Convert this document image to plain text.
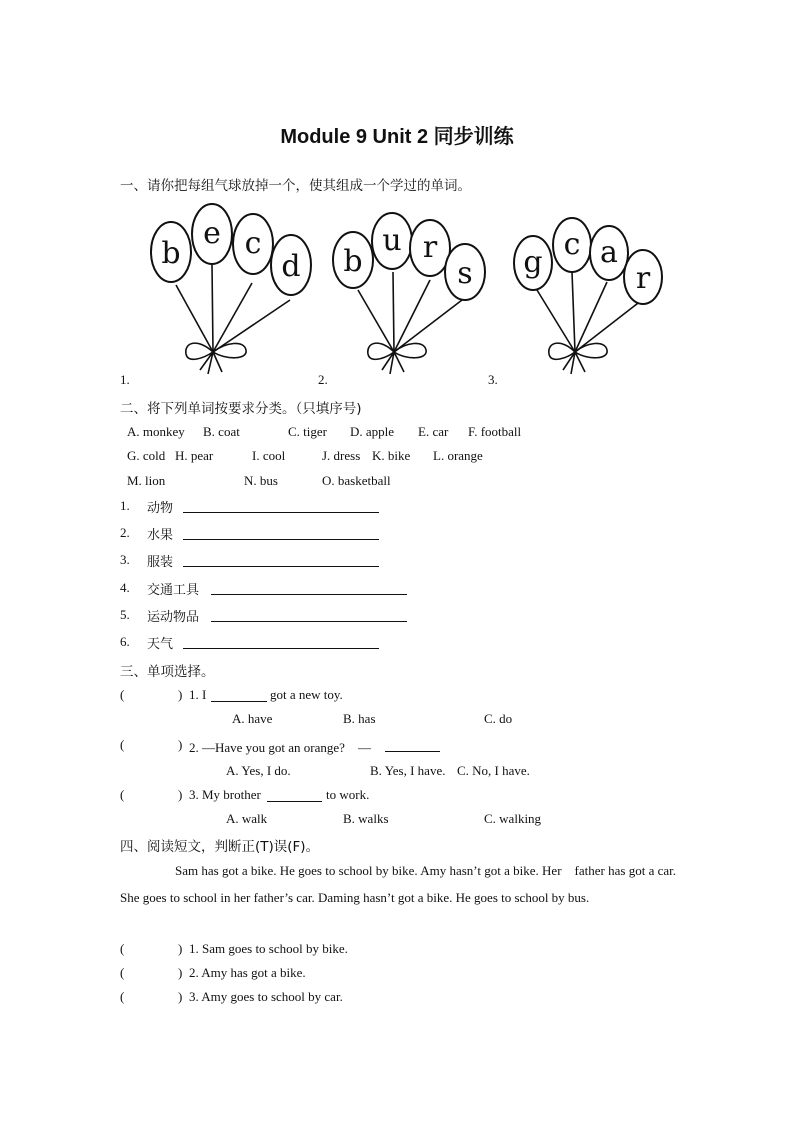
Module 9 Unit 2 同步训练
一、请你把每组气球放掉一个，使其组成一个学过的单词。
b
e c
d b
u r
s g
c a
r
1.	2.	3.
二、将下列单词按要求分类。（只填序号)
A. monkey B. coat	C. tiger D. apple E. car F. football
G. cold H. pear	I. cool	J. dress K. bike L. orange
M. lion	N. bus	O. basketball
1. 动物
2. 水果
3. 服装
4. 交通工具
5. 运动物品
6. 天气
三、单项选择。
(	) 1. I	got a new toy.
A. have	B. has	C. do
(	) 2. —Have you got an orange?　—
A. Yes, I do.	B. Yes, I have. C. No, I have.
(	) 3. My brother	to work.
A. walk	B. walks	C. walking
四、阅读短文，判断正(T)误(F)。
Sam has got a bike. He goes to school by bike. Amy hasn’t got a bike. Her　father has got a car. She goes to school in her father’s car. Daming hasn’t got a bike. He goes to school by bus.
(	) 1. Sam goes to school by bike.
(	) 2. Amy has got a bike.
(	) 3. Amy goes to school by car.
